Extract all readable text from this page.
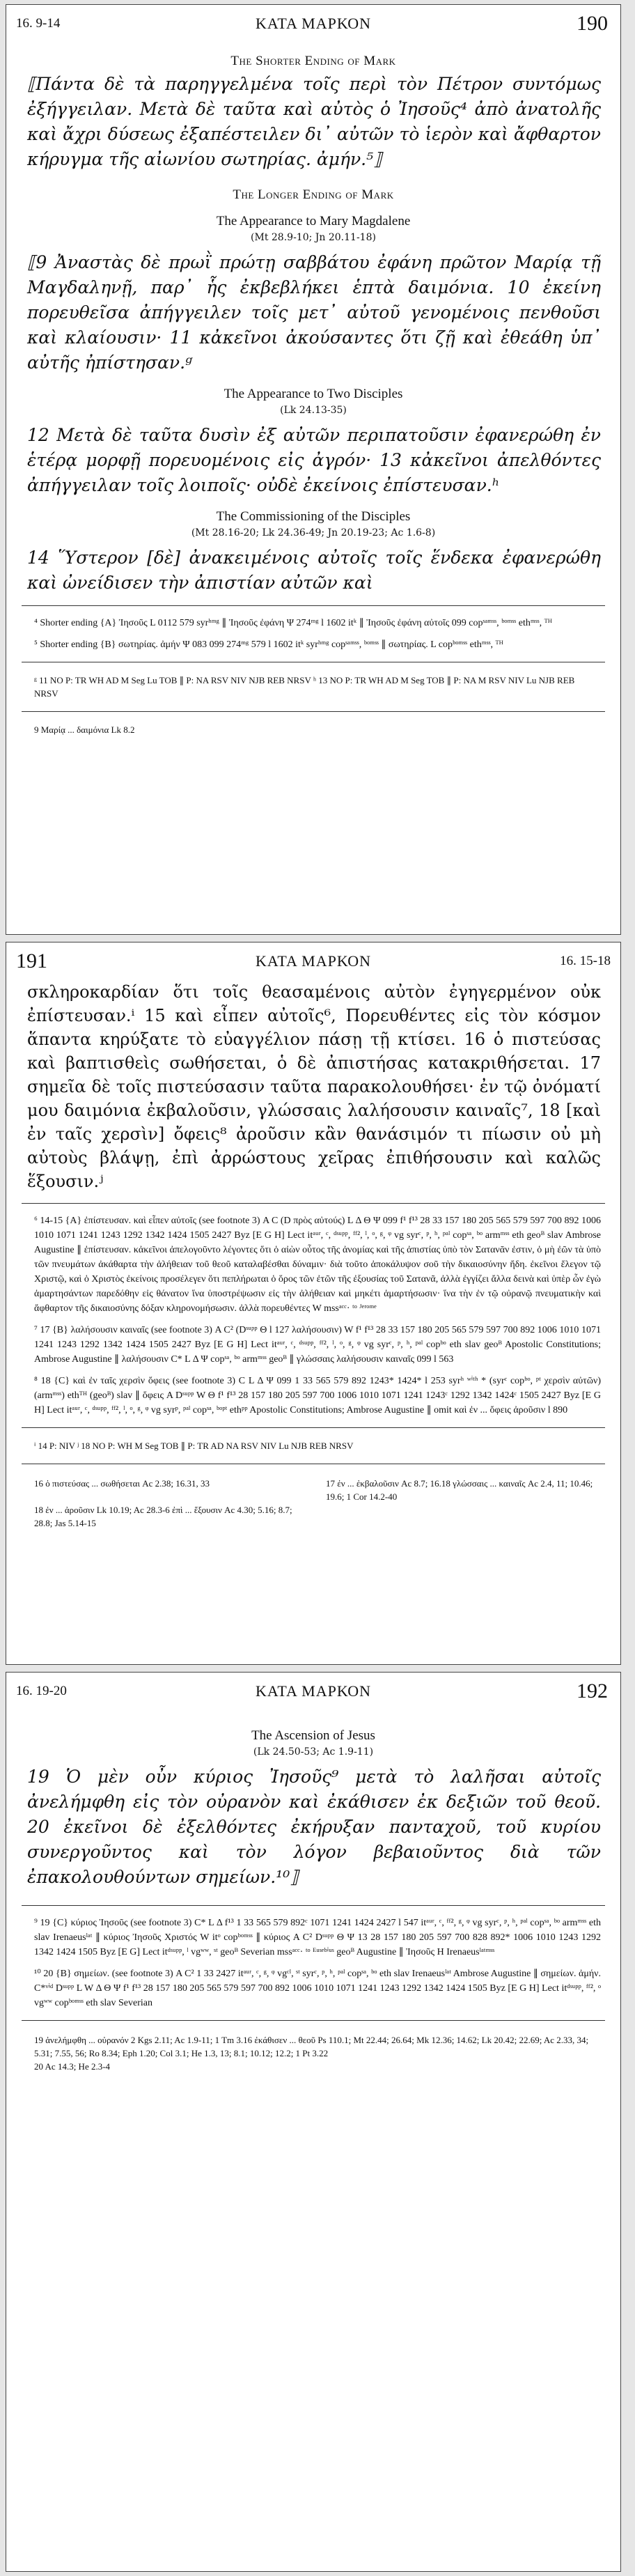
16. 9-14	ΚΑΤΑ ΜΑΡΚΟΝ	190
The Shorter Ending of Mark
⟦Πάντα δὲ τὰ παρηγγελμένα τοῖς περὶ τὸν Πέτρον συντόμως ἐξήγγειλαν. Μετὰ δὲ ταῦτα καὶ αὐτὸς ὁ Ἰησοῦς⁴ ἀπὸ ἀνατολῆς καὶ ἄχρι δύσεως ἐξαπέστειλεν δι᾽ αὐτῶν τὸ ἱερὸν καὶ ἄφθαρτον κήρυγμα τῆς αἰωνίου σωτηρίας. ἀμήν.⁵⟧
The Longer Ending of Mark
The Appearance to Mary Magdalene
(Mt 28.9-10; Jn 20.11-18)
⟦9 Ἀναστὰς δὲ πρωῒ πρώτῃ σαββάτου ἐφάνη πρῶτον Μαρίᾳ τῇ Μαγδαληνῇ, παρ᾽ ἧς ἐκβεβλήκει ἑπτὰ δαιμόνια. 10 ἐκείνη πορευθεῖσα ἀπήγγειλεν τοῖς μετ᾽ αὐτοῦ γενομένοις πενθοῦσι καὶ κλαίουσιν· 11 κἀκεῖνοι ἀκούσαντες ὅτι ζῇ καὶ ἐθεάθη ὑπ᾽ αὐτῆς ἠπίστησαν.ᵍ
The Appearance to Two Disciples
(Lk 24.13-35)
12 Μετὰ δὲ ταῦτα δυσὶν ἐξ αὐτῶν περιπατοῦσιν ἐφανερώθη ἐν ἑτέρᾳ μορφῇ πορευομένοις εἰς ἀγρόν· 13 κἀκεῖνοι ἀπελθόντες ἀπήγγειλαν τοῖς λοιποῖς· οὐδὲ ἐκείνοις ἐπίστευσαν.ʰ
The Commissioning of the Disciples
(Mt 28.16-20; Lk 24.36-49; Jn 20.19-23; Ac 1.6-8)
14 Ὕστερον [δὲ] ἀνακειμένοις αὐτοῖς τοῖς ἕνδεκα ἐφανερώθη καὶ ὠνείδισεν τὴν ἀπιστίαν αὐτῶν καὶ
⁴ Shorter ending {A} Ἰησοῦς L 0112 579 syrʰᵐᵍ ∥ Ἰησοῦς ἐφάνη Ψ 274ᵐᵍ l 1602 itᵏ ∥ Ἰησοῦς ἐφάνη αὐτοῖς 099 copˢᵃᵐˢˢ, ᵇᵒᵐˢˢ ethᵐˢˢ, ᵀᴴ
⁵ Shorter ending {B} σωτηρίας. ἀμήν Ψ 083 099 274ᵐᵍ 579 l 1602 itᵏ syrʰᵐᵍ copˢᵃᵐˢˢ, ᵇᵒᵐˢˢ ∥ σωτηρίας. L copᵇᵒᵐˢˢ ethᵐˢˢ, ᵀᴴ
ᵍ 11 NO P: TR WH AD M Seg Lu TOB ∥ P: NA RSV NIV NJB REB NRSV ʰ 13 NO P: TR WH AD M Seg TOB ∥ P: NA M RSV NIV Lu NJB REB NRSV
9 Μαρίᾳ ... δαιμόνια Lk 8.2
191	ΚΑΤΑ ΜΑΡΚΟΝ	16. 15-18
σκληροκαρδίαν ὅτι τοῖς θεασαμένοις αὐτὸν ἐγηγερμένον οὐκ ἐπίστευσαν.ⁱ 15 καὶ εἶπεν αὐτοῖς⁶, Πορευθέντες εἰς τὸν κόσμον ἅπαντα κηρύξατε τὸ εὐαγγέλιον πάσῃ τῇ κτίσει. 16 ὁ πιστεύσας καὶ βαπτισθεὶς σωθήσεται, ὁ δὲ ἀπιστήσας κατακριθήσεται. 17 σημεῖα δὲ τοῖς πιστεύσασιν ταῦτα παρακολουθήσει· ἐν τῷ ὀνόματί μου δαιμόνια ἐκβαλοῦσιν, γλώσσαις λαλήσουσιν καιναῖς⁷, 18 [καὶ ἐν ταῖς χερσὶν] ὄφεις⁸ ἀροῦσιν κἂν θανάσιμόν τι πίωσιν οὐ μὴ αὐτοὺς βλάψῃ, ἐπὶ ἀρρώστους χεῖρας ἐπιθήσουσιν καὶ καλῶς ἕξουσιν.ʲ
⁶ 14-15 {A} ἐπίστευσαν. καὶ εἶπεν αὐτοῖς (see footnote 3) A C (D πρὸς αὐτούς) L Δ Θ Ψ 099 f¹ f¹³ 28 33 157 180 205 565 579 597 700 892 1006 1010 1071 1241 1243 1292 1342 1424 1505 2427 Byz [E G H] Lect itᵃᵘʳ, ᶜ, ᵈˢᵘᵖᵖ, ᶠᶠ², ˡ, ᵒ, ᵍ, ᵠ vg syrᶜ, ᵖ, ʰ, ᵖᵃˡ copˢᵃ, ᵇᵒ armᵐˢˢ eth geoᴮ slav Ambrose Augustine ∥ ἐπίστευσαν. κἀκεῖνοι ἀπελογοῦντο λέγοντες ὅτι ὁ αἰὼν οὗτος τῆς ἀνομίας καὶ τῆς ἀπιστίας ὑπὸ τὸν Σατανᾶν ἐστιν, ὁ μὴ ἐῶν τὰ ὑπὸ τῶν πνευμάτων ἀκάθαρτα τὴν ἀλήθειαν τοῦ θεοῦ καταλαβέσθαι δύναμιν· διὰ τοῦτο ἀποκάλυψον σοῦ τὴν δικαιοσύνην ἤδη. ἐκεῖνοι ἔλεγον τῷ Χριστῷ, καὶ ὁ Χριστὸς ἐκείνοις προσέλεγεν ὅτι πεπλήρωται ὁ ὅρος τῶν ἐτῶν τῆς ἐξουσίας τοῦ Σατανᾶ, ἀλλὰ ἐγγίζει ἄλλα δεινὰ καὶ ὑπὲρ ὧν ἐγὼ ἁμαρτησάντων παρεδόθην εἰς θάνατον ἵνα ὑποστρέψωσιν εἰς τὴν ἀλήθειαν καὶ μηκέτι ἁμαρτήσωσιν· ἵνα τὴν ἐν τῷ οὐρανῷ πνευματικὴν καὶ ἄφθαρτον τῆς δικαιοσύνης δόξαν κληρονομήσωσιν. ἀλλὰ πορευθέντες W mssᵃᶜᶜ· ᵗᵒ ᴶᵉʳᵒᵐᵉ
⁷ 17 {B} λαλήσουσιν καιναῖς (see footnote 3) A C² (Dˢᵘᵖᵖ Θ l 127 λαλήσουσιν) W f¹ f¹³ 28 33 157 180 205 565 579 597 700 892 1006 1010 1071 1241 1243 1292 1342 1424 1505 2427 Byz [E G H] Lect itᵃᵘʳ, ᶜ, ᵈˢᵘᵖᵖ, ᶠᶠ², ˡ, ᵒ, ᵍ, ᵠ vg syrᶜ, ᵖ, ʰ, ᵖᵃˡ copᵇᵒ eth slav geoᴮ Apostolic Constitutions; Ambrose Augustine ∥ λαλήσουσιν C* L Δ Ψ copˢᵃ, ᵇᵒ armᵐˢˢ geoᴮ ∥ γλώσσαις λαλήσουσιν καιναῖς 099 l 563
⁸ 18 {C} καὶ ἐν ταῖς χερσὶν ὄφεις (see footnote 3) C L Δ Ψ 099 1 33 565 579 892 1243* 1424* l 253 syrʰ ʷⁱᵗʰ * (syrᶜ copᵇᵒ, ᵖᵗ χερσὶν αὐτῶν) (armᵐˢˢ) ethᵀᴴ (geoᴮ) slav ∥ ὄφεις A Dˢᵘᵖᵖ W Θ f¹ f¹³ 28 157 180 205 597 700 1006 1010 1071 1241 1243ᶜ 1292 1342 1424ᶜ 1505 2427 Byz [E G H] Lect itᵃᵘʳ, ᶜ, ᵈˢᵘᵖᵖ, ᶠᶠ², ˡ, ᵒ, ᵍ, ᵠ vg syrᵖ, ᵖᵃˡ copˢᵃ, ᵇᵒᵖᵗ ethᵖᵖ Apostolic Constitutions; Ambrose Augustine ∥ omit καὶ ἐν ... ὄφεις ἀροῦσιν l 890
ⁱ 14 P: NIV ʲ 18 NO P: WH M Seg TOB ∥ P: TR AD NA RSV NIV Lu NJB REB NRSV
16 ὁ πιστεύσας ... σωθήσεται Ac 2.38; 16.31, 33	17 ἐν ... ἐκβαλοῦσιν Ac 8.7; 16.18 γλώσσαις ... καιναῖς Ac 2.4, 11; 10.46; 19.6; 1 Cor 14.2-40
18 ἐν ... ἀροῦσιν Lk 10.19; Ac 28.3-6 ἐπὶ ... ἕξουσιν Ac 4.30; 5.16; 8.7; 28.8; Jas 5.14-15
16. 19-20	ΚΑΤΑ ΜΑΡΚΟΝ	192
The Ascension of Jesus
(Lk 24.50-53; Ac 1.9-11)
19 Ὁ μὲν οὖν κύριος Ἰησοῦς⁹ μετὰ τὸ λαλῆσαι αὐτοῖς ἀνελήμφθη εἰς τὸν οὐρανὸν καὶ ἐκάθισεν ἐκ δεξιῶν τοῦ θεοῦ. 20 ἐκεῖνοι δὲ ἐξελθόντες ἐκήρυξαν πανταχοῦ, τοῦ κυρίου συνεργοῦντος καὶ τὸν λόγον βεβαιοῦντος διὰ τῶν ἐπακολουθούντων σημείων.¹⁰⟧
⁹ 19 {C} κύριος Ἰησοῦς (see footnote 3) C* L Δ f¹³ 1 33 565 579 892ᶜ 1071 1241 1424 2427 l 547 itᵃᵘʳ, ᶜ, ᶠᶠ², ᵍ, ᵠ vg syrᶜ, ᵖ, ʰ, ᵖᵃˡ copˢᵃ, ᵇᵒ armᵐˢˢ eth slav Irenaeusˡᵃᵗ ∥ κύριος Ἰησοῦς Χριστός W itᵒ copᵇᵒᵐˢˢ ∥ κύριος A C² Dˢᵘᵖᵖ Θ Ψ 13 28 157 180 205 597 700 828 892* 1006 1010 1243 1292 1342 1424 1505 Byz [E G] Lect itᵈˢᵘᵖᵖ, ˡ vgʷʷ, ˢᵗ geoᴮ Severian mssᵃᶜᶜ· ᵗᵒ ᴱᵘˢᵉᵇⁱᵘˢ geoᴮ Augustine ∥ Ἰησοῦς H Irenaeusˡᵃᵗᵐˢˢ
¹⁰ 20 {B} σημείων. (see footnote 3) A C² 1 33 2427 itᵃᵘʳ, ᶜ, ᵍ, ᵠ vgᶜˡ, ˢᵗ syrᶜ, ᵖ, ʰ, ᵖᵃˡ copˢᵃ, ᵇᵒ eth slav Irenaeusˡᵃᵗ Ambrose Augustine ∥ σημείων. ἀμήν. C*ᵛⁱᵈ Dˢᵘᵖᵖ L W Δ Θ Ψ f¹ f¹³ 28 157 180 205 565 579 597 700 892 1006 1010 1071 1241 1243 1292 1342 1424 1505 Byz [E G H] Lect itᵈˢᵘᵖᵖ, ᶠᶠ², ᵒ vgʷʷ copᵇᵒᵐˢˢ eth slav Severian
19 ἀνελήμφθη ... οὐρανόν 2 Kgs 2.11; Ac 1.9-11; 1 Tm 3.16 ἐκάθισεν ... θεοῦ Ps 110.1; Mt 22.44; 26.64; Mk 12.36; 14.62; Lk 20.42; 22.69; Ac 2.33, 34; 5.31; 7.55, 56; Ro 8.34; Eph 1.20; Col 3.1; He 1.3, 13; 8.1; 10.12; 12.2; 1 Pt 3.22
20 Ac 14.3; He 2.3-4
